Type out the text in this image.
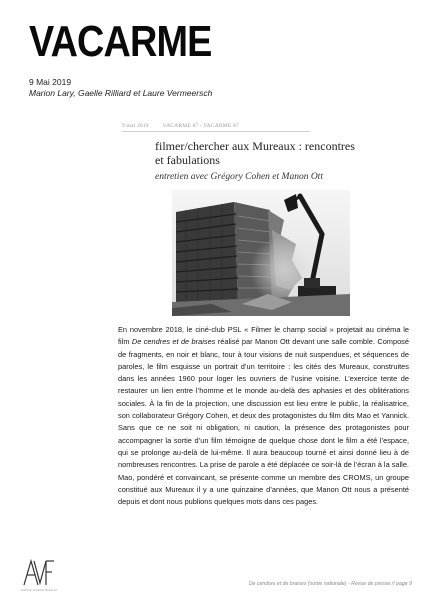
VACARME
9 Mai 2019
Marion Lary, Gaelle Rilliard et Laure Vermeersch
9 mai 2019	VACARME 87 / VACARME 87
filmer/chercher aux Mureaux : rencontres et fabulations
entretien avec Grégory Cohen et Manon Ott
En novembre 2018, le ciné-club PSL « Filmer le champ social » projetait au cinéma le film De cendres et de braises réalisé par Manon Ott devant une salle comble. Composé de fragments, en noir et blanc, tour à tour visions de nuit suspendues, et séquences de paroles, le film esquisse un portrait d’un territoire : les cités des Mureaux, construites dans les années 1960 pour loger les ouvriers de l’usine voisine. L’exercice tente de restaurer un lien entre l’homme et le monde au-delà des aphasies et des oblitérations sociales. À la fin de la projection, une discussion est lieu entre le public, la réalisatrice, son collaborateur Grégory Cohen, et deux des protagonistes du film dits Mao et Yannick. Sans que ce ne soit ni obligation, ni caution, la présence des protagonistes pour accompagner la sortie d’un film témoigne de quelque chose dont le film a été l’espace, qui se prolonge au-delà de lui-même. Il aura beaucoup tourné et ainsi donné lieu à de nombreuses rencontres. La prise de parole a été déplacée ce soir-là de l’écran à la salle. Mao, pondéré et convaincant, se présente comme un membre des CROMS, un groupe constitué aux Mureaux il y a une quinzaine d’années, que Manon Ott nous a présenté depuis et dont nous publions quelques mots dans ces pages.
AGENCE VALERIE ANGELINI
De cendres et de braises (sortie nationale) - Revue de presse // page 9
